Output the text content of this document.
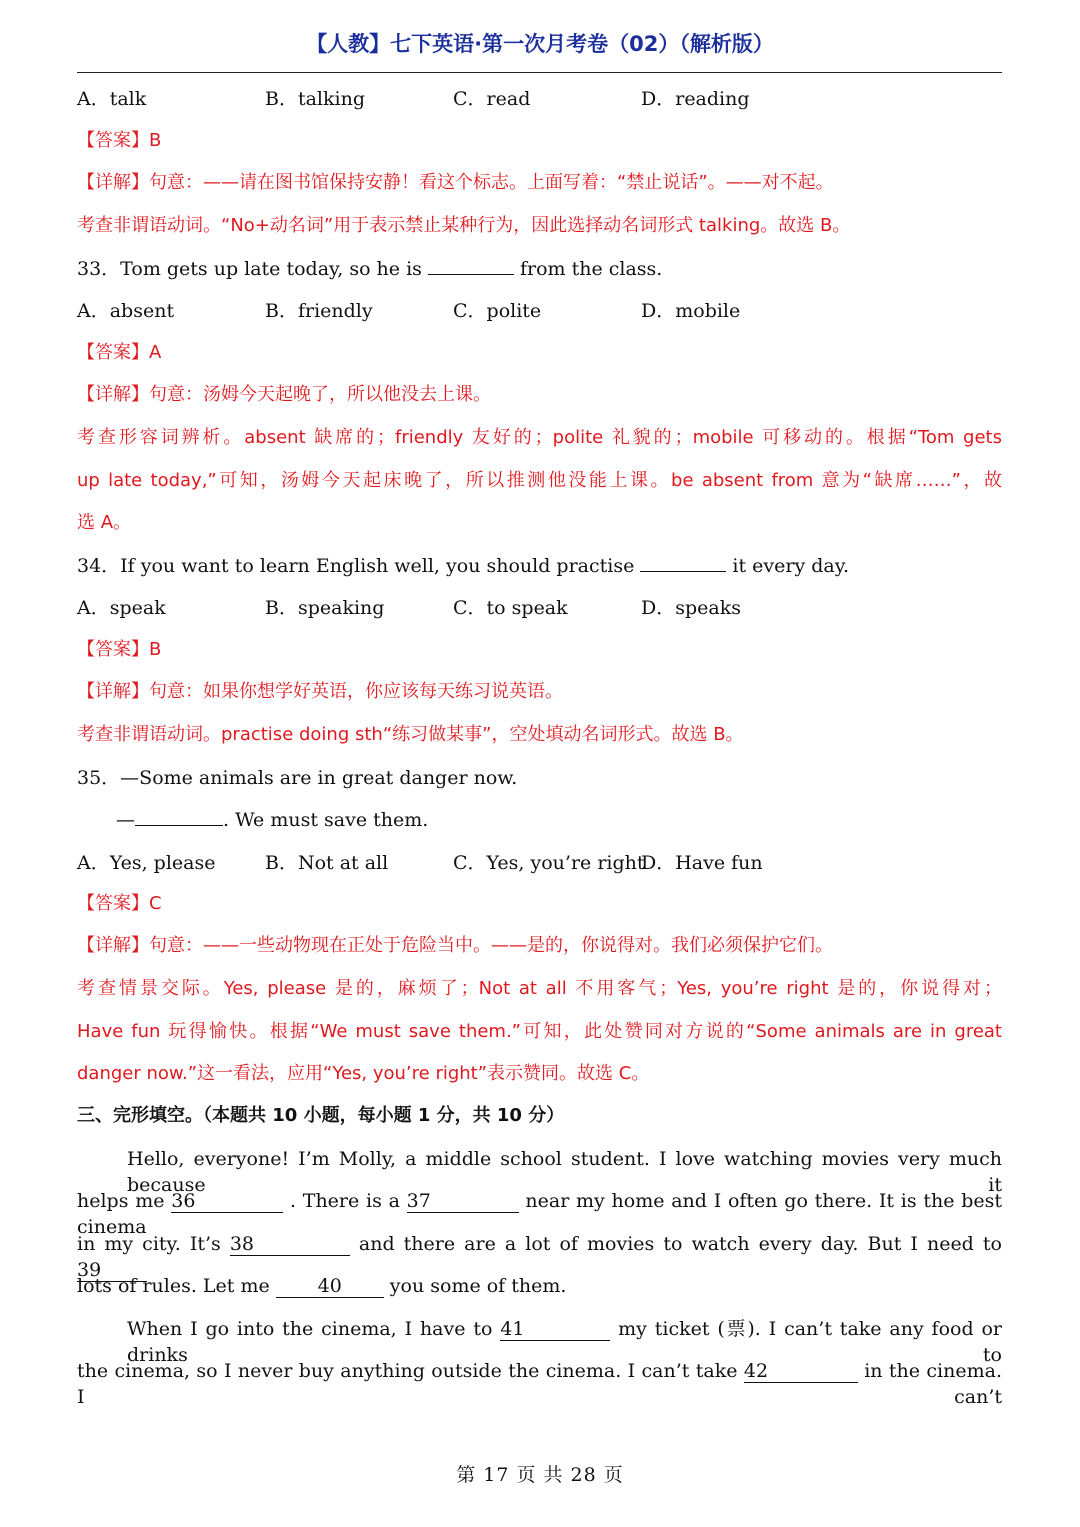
【人教】七下英语·第一次月考卷（02）（解析版）
A．talk	B．talking	C．read	D．reading
【答案】B
【详解】句意：——请在图书馆保持安静！看这个标志。上面写着：“禁止说话”。——对不起。
考查非谓语动词。“No+动名词”用于表示禁止某种行为，因此选择动名词形式 talking。故选 B。
33．Tom gets up late today, so he is	from the class.
A．absent	B．friendly	C．polite	D．mobile
【答案】A
【详解】句意：汤姆今天起晚了，所以他没去上课。
考查形容词辨析。absent 缺席的；friendly 友好的；polite 礼貌的；mobile 可移动的。根据“Tom gets
up late today,”可知，汤姆今天起床晚了，所以推测他没能上课。be absent from 意为“缺席……”，故
选 A。
34．If you want to learn English well, you should practise	it every day.
A．speak	B．speaking	C．to speak	D．speaks
【答案】B
【详解】句意：如果你想学好英语，你应该每天练习说英语。
考查非谓语动词。practise doing sth“练习做某事”，空处填动名词形式。故选 B。
35．—Some animals are in great danger now.
—	. We must save them.
A．Yes, please	B．Not at all	C．Yes, you’re right
D．Have fun
【答案】C
【详解】句意：——一些动物现在正处于危险当中。——是的，你说得对。我们必须保护它们。
考查情景交际。Yes, please 是的，麻烦了；Not at all 不用客气；Yes, you’re right 是的，你说得对；
Have fun 玩得愉快。根据“We must save them.”可知，此处赞同对方说的“Some animals are in great
danger now.”这一看法，应用“Yes, you’re right”表示赞同。故选 C。
三、完形填空。（本题共 10 小题，每小题 1 分，共 10 分）
Hello, everyone! I’m Molly, a middle school student. I love watching movies very much because it
helps me 36	. There is a 37	near my home and I often go there. It is the best cinema
in my city. It’s 38	and there are a lot of movies to watch every day. But I need to 39
lots of rules. Let me 40 you some of them.
When I go into the cinema, I have to 41	my ticket (票). I can’t take any food or drinks to
the cinema, so I never buy anything outside the cinema. I can’t take 42	in the cinema. I can’t
第 17 页 共 28 页
